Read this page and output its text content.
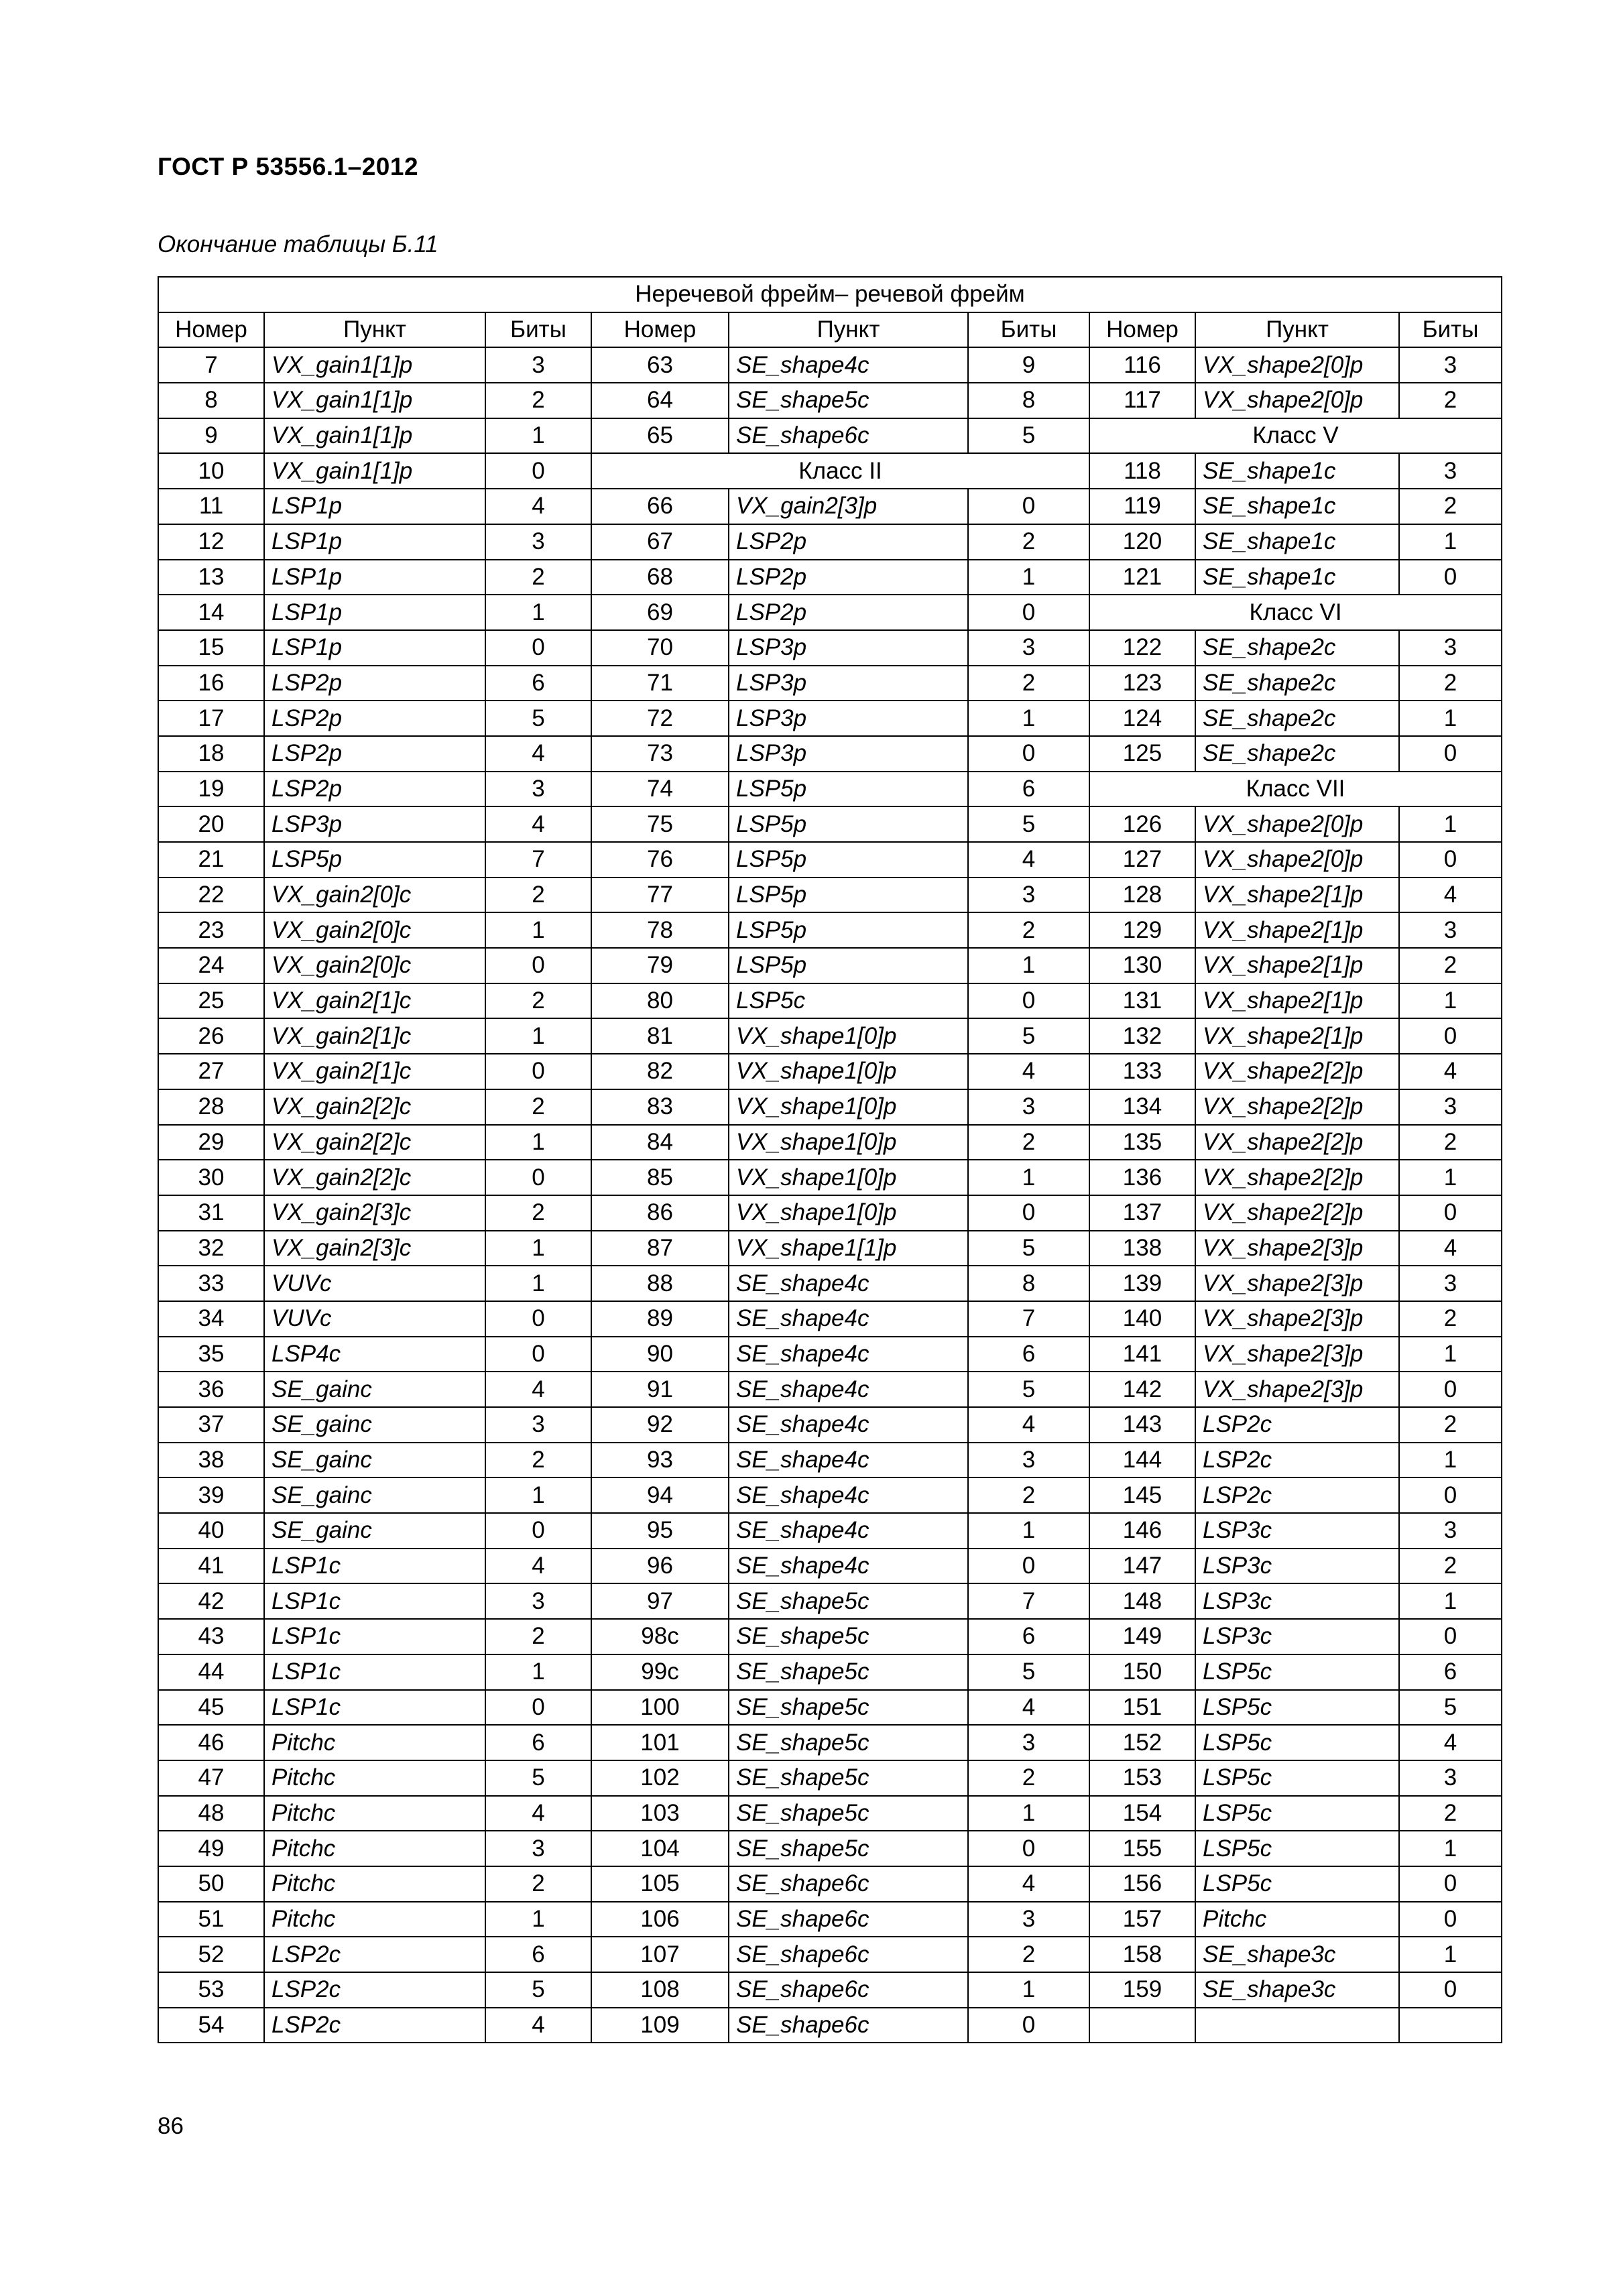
ГОСТ Р 53556.1–2012
Окончание таблицы Б.11
Неречевой фрейм– речевой фрейм								
Номер	Пункт	Биты	Номер	Пункт	Биты	Номер	Пункт	Биты
7	VX_gain1[1]p	3	63	SE_shape4c	9	116	VX_shape2[0]p	3
8	VX_gain1[1]p	2	64	SE_shape5c	8	117	VX_shape2[0]p	2
9	VX_gain1[1]p	1	65	SE_shape6c	5	Класс V		
10	VX_gain1[1]p	0	Класс II			118	SE_shape1c	3
11	LSP1p	4	66	VX_gain2[3]p	0	119	SE_shape1c	2
12	LSP1p	3	67	LSP2p	2	120	SE_shape1c	1
13	LSP1p	2	68	LSP2p	1	121	SE_shape1c	0
14	LSP1p	1	69	LSP2p	0	Класс VI		
15	LSP1p	0	70	LSP3p	3	122	SE_shape2c	3
16	LSP2p	6	71	LSP3p	2	123	SE_shape2c	2
17	LSP2p	5	72	LSP3p	1	124	SE_shape2c	1
18	LSP2p	4	73	LSP3p	0	125	SE_shape2c	0
19	LSP2p	3	74	LSP5p	6	Класс VII		
20	LSP3p	4	75	LSP5p	5	126	VX_shape2[0]p	1
21	LSP5p	7	76	LSP5p	4	127	VX_shape2[0]p	0
22	VX_gain2[0]c	2	77	LSP5p	3	128	VX_shape2[1]p	4
23	VX_gain2[0]c	1	78	LSP5p	2	129	VX_shape2[1]p	3
24	VX_gain2[0]c	0	79	LSP5p	1	130	VX_shape2[1]p	2
25	VX_gain2[1]c	2	80	LSP5c	0	131	VX_shape2[1]p	1
26	VX_gain2[1]c	1	81	VX_shape1[0]p	5	132	VX_shape2[1]p	0
27	VX_gain2[1]c	0	82	VX_shape1[0]p	4	133	VX_shape2[2]p	4
28	VX_gain2[2]c	2	83	VX_shape1[0]p	3	134	VX_shape2[2]p	3
29	VX_gain2[2]c	1	84	VX_shape1[0]p	2	135	VX_shape2[2]p	2
30	VX_gain2[2]c	0	85	VX_shape1[0]p	1	136	VX_shape2[2]p	1
31	VX_gain2[3]c	2	86	VX_shape1[0]p	0	137	VX_shape2[2]p	0
32	VX_gain2[3]c	1	87	VX_shape1[1]p	5	138	VX_shape2[3]p	4
33	VUVc	1	88	SE_shape4c	8	139	VX_shape2[3]p	3
34	VUVc	0	89	SE_shape4c	7	140	VX_shape2[3]p	2
35	LSP4c	0	90	SE_shape4c	6	141	VX_shape2[3]p	1
36	SE_gainc	4	91	SE_shape4c	5	142	VX_shape2[3]p	0
37	SE_gainc	3	92	SE_shape4c	4	143	LSP2c	2
38	SE_gainc	2	93	SE_shape4c	3	144	LSP2c	1
39	SE_gainc	1	94	SE_shape4c	2	145	LSP2c	0
40	SE_gainc	0	95	SE_shape4c	1	146	LSP3c	3
41	LSP1c	4	96	SE_shape4c	0	147	LSP3c	2
42	LSP1c	3	97	SE_shape5c	7	148	LSP3c	1
43	LSP1c	2	98c	SE_shape5c	6	149	LSP3c	0
44	LSP1c	1	99c	SE_shape5c	5	150	LSP5c	6
45	LSP1c	0	100	SE_shape5c	4	151	LSP5c	5
46	Pitchc	6	101	SE_shape5c	3	152	LSP5c	4
47	Pitchc	5	102	SE_shape5c	2	153	LSP5c	3
48	Pitchc	4	103	SE_shape5c	1	154	LSP5c	2
49	Pitchc	3	104	SE_shape5c	0	155	LSP5c	1
50	Pitchc	2	105	SE_shape6c	4	156	LSP5c	0
51	Pitchc	1	106	SE_shape6c	3	157	Pitchc	0
52	LSP2c	6	107	SE_shape6c	2	158	SE_shape3c	1
53	LSP2c	5	108	SE_shape6c	1	159	SE_shape3c	0
54	LSP2c	4	109	SE_shape6c	0			
86
